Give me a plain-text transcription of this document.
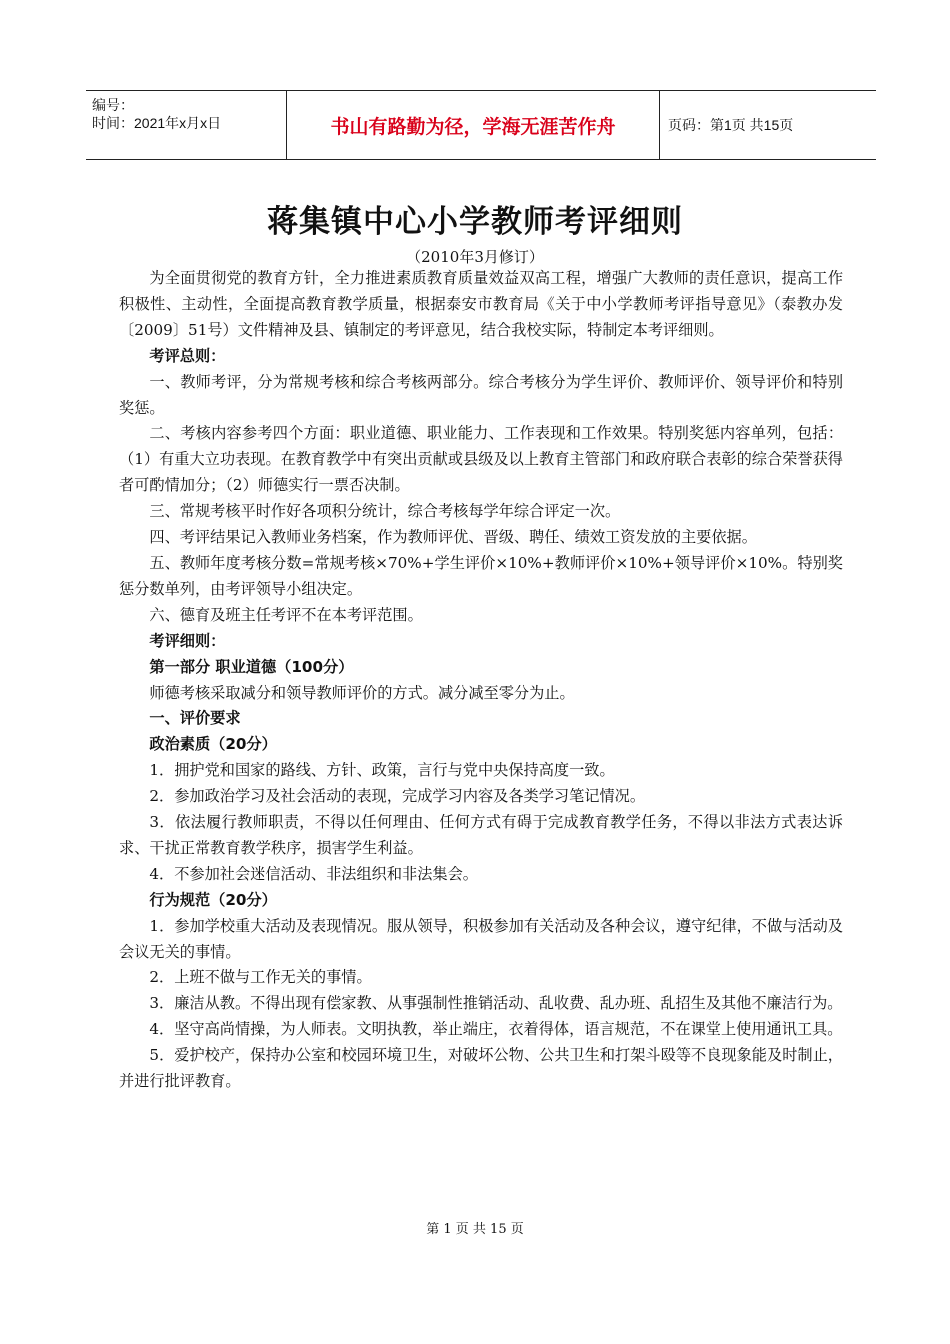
编号：
时间：2021年x月x日	书山有路勤为径，学海无涯苦作舟	页码：第1页 共15页
蒋集镇中心小学教师考评细则
（2010年3月修订）

为全面贯彻党的教育方针，全力推进素质教育质量效益双高工程，增强广大教师的责任意识，提高工作积极性、主动性，全面提高教育教学质量，根据泰安市教育局《关于中小学教师考评指导意见》（泰教办发〔2009〕51号）文件精神及县、镇制定的考评意见，结合我校实际，特制定本考评细则。

考评总则：

一、教师考评，分为常规考核和综合考核两部分。综合考核分为学生评价、教师评价、领导评价和特别奖惩。

二、考核内容参考四个方面：职业道德、职业能力、工作表现和工作效果。特别奖惩内容单列，包括：（1）有重大立功表现。在教育教学中有突出贡献或县级及以上教育主管部门和政府联合表彰的综合荣誉获得者可酌情加分；（2）师德实行一票否决制。

三、常规考核平时作好各项积分统计，综合考核每学年综合评定一次。

四、考评结果记入教师业务档案，作为教师评优、晋级、聘任、绩效工资发放的主要依据。

五、教师年度考核分数=常规考核×70%+学生评价×10%+教师评价×10%+领导评价×10%。特别奖惩分数单列，由考评领导小组决定。

六、德育及班主任考评不在本考评范围。

考评细则：

第一部分 职业道德（100分）

师德考核采取减分和领导教师评价的方式。减分减至零分为止。

一、评价要求

政治素质（20分）

1．拥护党和国家的路线、方针、政策，言行与党中央保持高度一致。

2．参加政治学习及社会活动的表现，完成学习内容及各类学习笔记情况。

3．依法履行教师职责，不得以任何理由、任何方式有碍于完成教育教学任务，不得以非法方式表达诉求、干扰正常教育教学秩序，损害学生利益。

4．不参加社会迷信活动、非法组织和非法集会。

行为规范（20分）

1．参加学校重大活动及表现情况。服从领导，积极参加有关活动及各种会议，遵守纪律，不做与活动及会议无关的事情。

2．上班不做与工作无关的事情。

3．廉洁从教。不得出现有偿家教、从事强制性推销活动、乱收费、乱办班、乱招生及其他不廉洁行为。

4．坚守高尚情操，为人师表。文明执教，举止端庄，衣着得体，语言规范，不在课堂上使用通讯工具。

5．爱护校产，保持办公室和校园环境卫生，对破坏公物、公共卫生和打架斗殴等不良现象能及时制止，并进行批评教育。

第 1 页 共 15 页
